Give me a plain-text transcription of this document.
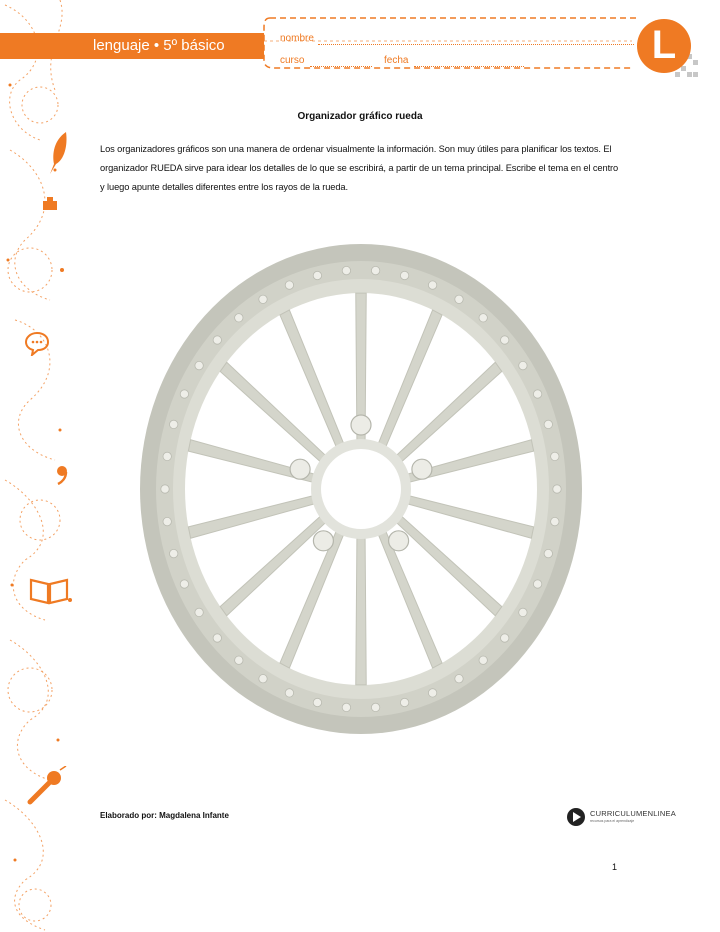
lenguaje • 5º básico	nombre
curso	fecha	L
Organizador gráfico rueda

Los organizadores gráficos son una manera de ordenar visualmente la información. Son muy útiles para planificar los textos. El organizador RUEDA sirve para idear los detalles de lo que se escribirá, a partir de un tema principal. Escribe el tema en el centro y luego apunte detalles diferentes entre los rayos de la rueda.

Elaborado por: Magdalena Infante	CURRICULUMENLINEA
recursos para el aprendizaje
1
